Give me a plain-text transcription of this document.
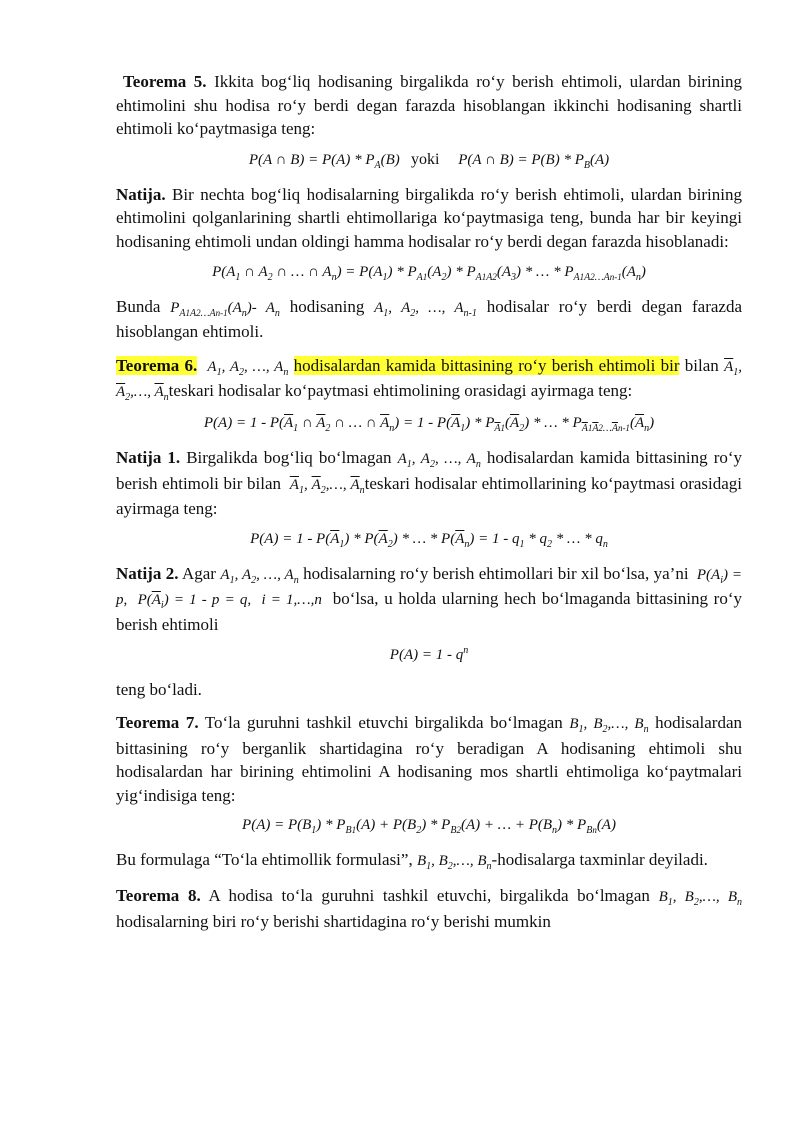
Teorema 5. Ikkita bog‘liq hodisaning birgalikda ro‘y berish ehtimoli, ulardan birining ehtimolini shu hodisa ro‘y berdi degan farazda hisoblangan ikkinchi hodisaning shartli ehtimoli ko‘paytmasiga teng:

P(A ∩ $B) = P(A) * P_A(B)$ yoki P(A ∩ $B) = P(B) * P_B(A)$

Natija. Bir nechta bog‘liq hodisalarning birgalikda ro‘y berish ehtimoli, ulardan birining ehtimolini qolganlarining shartli ehtimollariga ko‘paytmasiga teng, bunda har bir keyingi hodisaning ehtimoli undan oldingi hamma hodisalar ro‘y berdi degan farazda hisoblanadi:

$P(A_1$ ∩ $A_2$ ∩ … ∩ $A_n) = P(A_1) * P_{A1}(A_2) * P_{A1A2}(A_3)$ * … * $P_{A1A2\dots An-1}(A_n)$

Bunda $P_{A1A2\dots An-1}(A_n)-$ $A_n$ hodisaning $A_1$, $A_2$, …, $A_{n-1}$ hodisalar ro‘y berdi degan farazda hisoblangan ehtimoli.

Teorema 6.  $A_1$, $A_2$, …, $A_n$ hodisalardan kamida bittasining ro‘y berish ehtimoli bir bilan $\overline{A}_1$, $\overline{A}_2,\dots$, $\overline{A}_nteskari$ hodisalar ko‘paytmasi ehtimolining orasidagi ayirmaga teng:

$P(A) = 1 - P(\overline{A}_1$ ∩ $\overline{A}_2$ ∩ … ∩ $\overline{A}_n) = 1 - P(\overline{A}_1) * P_{\overline{A}1}(\overline{A}_2)$ * … * $P_{\overline{A}1\overline{A}2\dots\overline{A}n-1}(\overline{A}_n)$

Natija 1. Birgalikda bog‘liq bo‘lmagan $A_1$, $A_2$, …, $A_n$ hodisalardan kamida bittasining ro‘y berish ehtimoli bir bilan $\overline{A}_1$, $\overline{A}_2,\dots$, $\overline{A}_nteskari$ hodisalar ehtimollarining ko‘paytmasi orasidagi ayirmaga teng:

$P(A) = 1 - P(\overline{A}_1) * P(\overline{A}_2)$ * … * $P(\overline{A}_n) = 1 - q_1 * q_2$ * … * $q_n$

Natija 2. Agar $A_1$, $A_2$, …, $A_n$ hodisalarning ro‘y berish ehtimollari bir xil bo‘lsa, ya’ni  $P(A_i) = p$,  $P(\overline{A}_i) = 1 - p = q$,  i = 1,…,n  bo‘lsa, u holda ularning hech bo‘lmaganda bittasining ro‘y berish ehtimoli

$P(A) = 1 - q^n$

teng bo‘ladi.

Teorema 7. To‘la guruhni tashkil etuvchi birgalikda bo‘lmagan $B_1$, $B_2,\dots$, $B_n$ hodisalardan bittasining ro‘y berganlik shartidagina ro‘y beradigan A hodisaning ehtimoli shu hodisalardan har birining ehtimolini A hodisaning mos shartli ehtimoliga ko‘paytmalari yig‘indisiga teng:

$P(A) = P(B_1) * P_{B1}(A) + P(B_2) * P_{B2}(A)$ + … + $P(B_n) * P_{Bn}(A)$

Bu formulaga “To‘la ehtimollik formulasi”, $B_1$, $B_2,\dots$, $B_n$-hodisalarga taxminlar deyiladi.

Teorema 8. A hodisa to‘la guruhni tashkil etuvchi, birgalikda bo‘lmagan $B_1$, $B_2,\dots$, $B_n$ hodisalarning biri ro‘y berishi shartidagina ro‘y berishi mumkin
